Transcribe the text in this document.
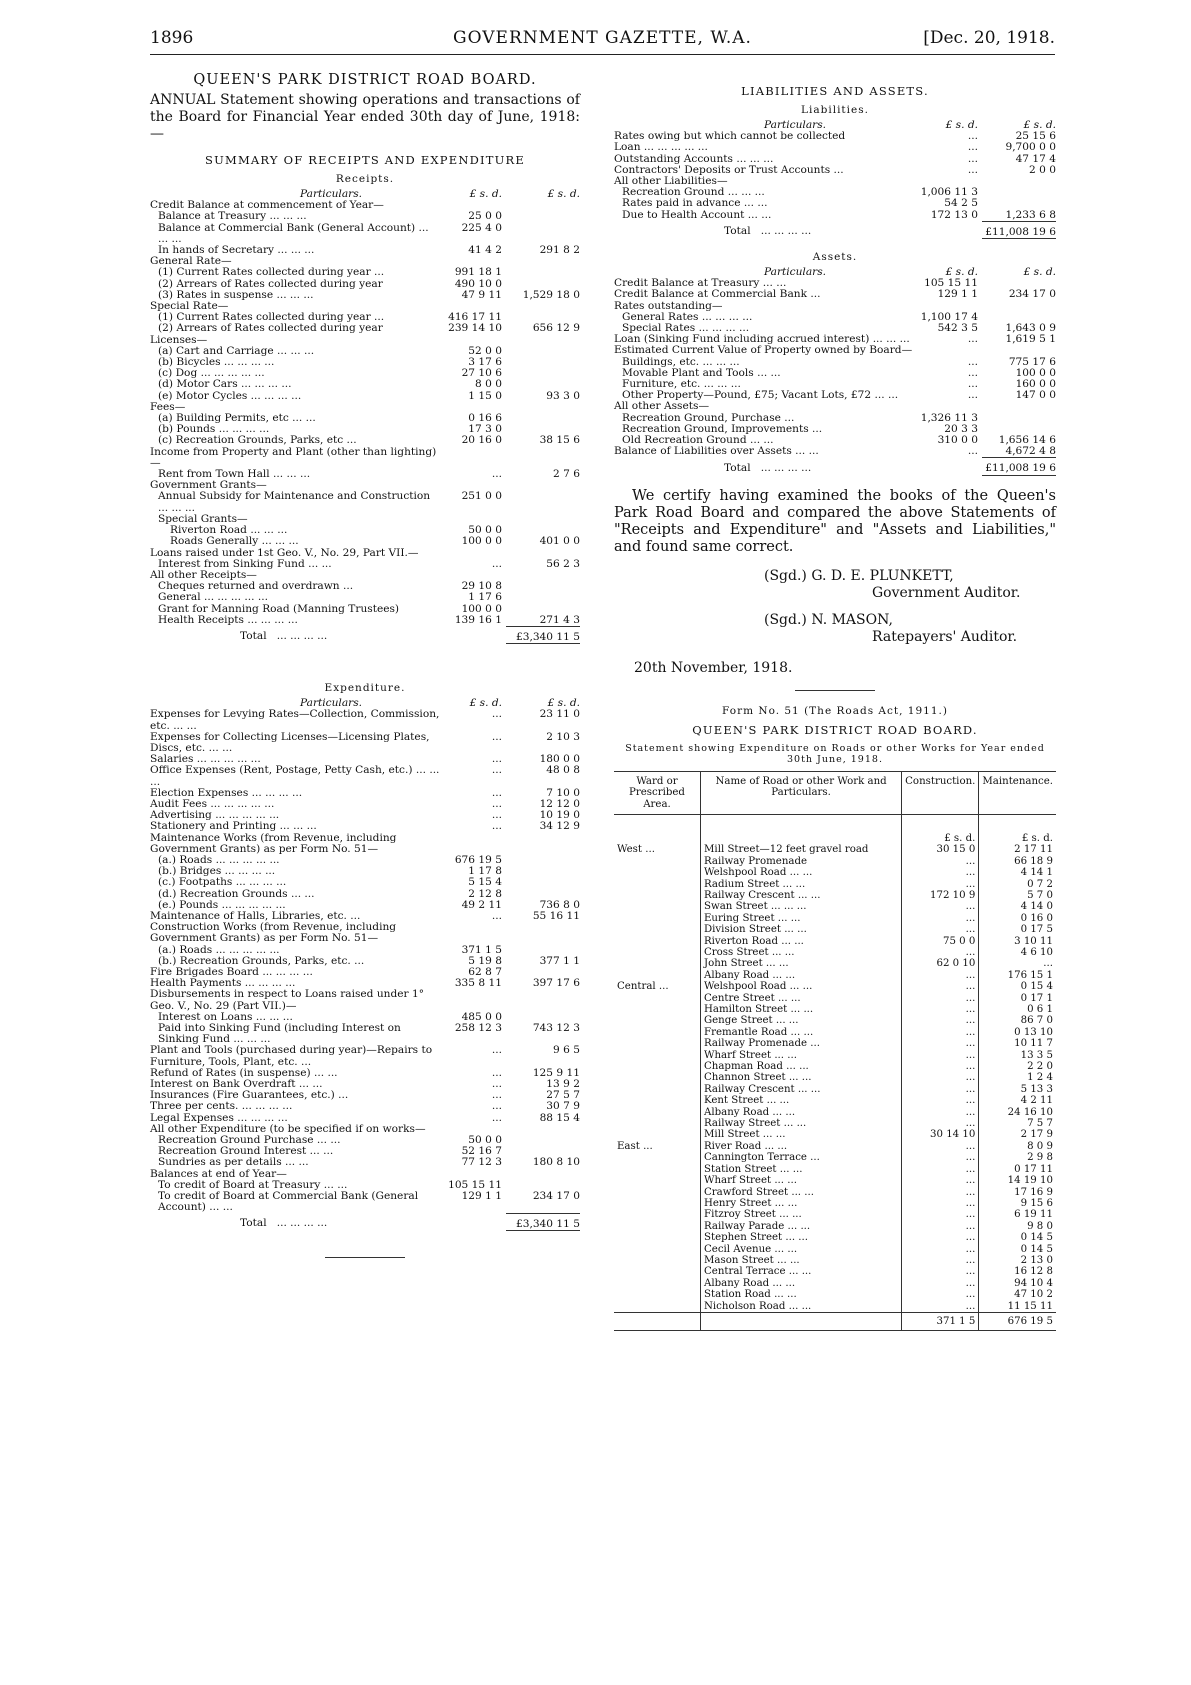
1896	GOVERNMENT GAZETTE, W.A.	[Dec. 20, 1918.
QUEEN'S PARK DISTRICT ROAD BOARD.

ANNUAL Statement showing operations and transactions of the Board for Financial Year ended 30th day of June, 1918:—

SUMMARY OF RECEIPTS AND EXPENDITURE
Receipts.
Particulars.	£ s. d.	£ s. d.
Credit Balance at commencement of Year—		
Balance at Treasury ... ... ...	25 0 0	
Balance at Commercial Bank (General Account) ... ... ...	225 4 0	
In hands of Secretary ... ... ...	41 4 2	291 8 2
General Rate—		
(1) Current Rates collected during year ...	991 18 1	
(2) Arrears of Rates collected during year	490 10 0	
(3) Rates in suspense ... ... ...	47 9 11	1,529 18 0
Special Rate—		
(1) Current Rates collected during year ...	416 17 11	
(2) Arrears of Rates collected during year	239 14 10	656 12 9
Licenses—		
(a) Cart and Carriage ... ... ...	52 0 0	
(b) Bicycles ... ... ... ...	3 17 6	
(c) Dog ... ... ... ... ...	27 10 6	
(d) Motor Cars ... ... ... ...	8 0 0	
(e) Motor Cycles ... ... ... ...	1 15 0	93 3 0
Fees—		
(a) Building Permits, etc ... ...	0 16 6	
(b) Pounds ... ... ... ...	17 3 0	
(c) Recreation Grounds, Parks, etc ...	20 16 0	38 15 6
Income from Property and Plant (other than lighting)—		
Rent from Town Hall ... ... ...	...	2 7 6
Government Grants—		
Annual Subsidy for Maintenance and Construction ... ... ...	251 0 0	
Special Grants—		
Riverton Road ... ... ...	50 0 0	
Roads Generally ... ... ...	100 0 0	401 0 0
Loans raised under 1st Geo. V., No. 29, Part VII.—		
Interest from Sinking Fund ... ...	...	56 2 3
All other Receipts—		
Cheques returned and overdrawn ...	29 10 8	
General ... ... ... ... ...	1 17 6	
Grant for Manning Road (Manning Trustees)	100 0 0	
Health Receipts ... ... ... ...	139 16 1	271 4 3
Total ... ... ... ...		£3,340 11 5
Expenditure.
Particulars.	£ s. d.	£ s. d.
Expenses for Levying Rates—Collection, Commission, etc. ... ...	...	23 11 0
Expenses for Collecting Licenses—Licensing Plates, Discs, etc. ... ...	...	2 10 3
Salaries ... ... ... ... ...	...	180 0 0
Office Expenses (Rent, Postage, Petty Cash, etc.) ... ... ...	...	48 0 8
Election Expenses ... ... ... ...	...	7 10 0
Audit Fees ... ... ... ... ...	...	12 12 0
Advertising ... ... ... ... ...	...	10 19 0
Stationery and Printing ... ... ...	...	34 12 9
Maintenance Works (from Revenue, including Government Grants) as per Form No. 51—		
(a.) Roads ... ... ... ... ...	676 19 5	
(b.) Bridges ... ... ... ...	1 17 8	
(c.) Footpaths ... ... ... ...	5 15 4	
(d.) Recreation Grounds ... ...	2 12 8	
(e.) Pounds ... ... ... ... ...	49 2 11	736 8 0
Maintenance of Halls, Libraries, etc. ...	...	55 16 11
Construction Works (from Revenue, including Government Grants) as per Form No. 51—		
(a.) Roads ... ... ... ... ...	371 1 5	
(b.) Recreation Grounds, Parks, etc. ...	5 19 8	377 1 1
Fire Brigades Board ... ... ... ...	62 8 7	
Health Payments ... ... ... ...	335 8 11	397 17 6
Disbursements in respect to Loans raised under 1° Geo. V., No. 29 (Part VII.)—		
Interest on Loans ... ... ...	485 0 0	
Paid into Sinking Fund (including Interest on Sinking Fund ... ... ...	258 12 3	743 12 3
Plant and Tools (purchased during year)—Repairs to Furniture, Tools, Plant, etc. ...	...	9 6 5
Refund of Rates (in suspense) ... ...	...	125 9 11
Interest on Bank Overdraft ... ...	...	13 9 2
Insurances (Fire Guarantees, etc.) ...	...	27 5 7
Three per cents. ... ... ... ...	...	30 7 9
Legal Expenses ... ... ... ...	...	88 15 4
All other Expenditure (to be specified if on works—		
Recreation Ground Purchase ... ...	50 0 0	
Recreation Ground Interest ... ...	52 16 7	
Sundries as per details ... ...	77 12 3	180 8 10
Balances at end of Year—		
To credit of Board at Treasury ... ...	105 15 11	
To credit of Board at Commercial Bank (General Account) ... ...	129 1 1	234 17 0
Total ... ... ... ...		£3,340 11 5
LIABILITIES AND ASSETS.
Liabilities.
Particulars.	£ s. d.	£ s. d.
Rates owing but which cannot be collected	...	25 15 6
Loan ... ... ... ... ...	...	9,700 0 0
Outstanding Accounts ... ... ...	...	47 17 4
Contractors' Deposits or Trust Accounts ...	...	2 0 0
All other Liabilities—		
Recreation Ground ... ... ...	1,006 11 3	
Rates paid in advance ... ...	54 2 5	
Due to Health Account ... ...	172 13 0	1,233 6 8
Total ... ... ... ...		£11,008 19 6
Assets.
Particulars.	£ s. d.	£ s. d.
Credit Balance at Treasury ... ...	105 15 11	
Credit Balance at Commercial Bank ...	129 1 1	234 17 0
Rates outstanding—		
General Rates ... ... ... ...	1,100 17 4	
Special Rates ... ... ... ...	542 3 5	1,643 0 9
Loan (Sinking Fund including accrued interest) ... ... ...	...	1,619 5 1
Estimated Current Value of Property owned by Board—		
Buildings, etc. ... ... ...	...	775 17 6
Movable Plant and Tools ... ...	...	100 0 0
Furniture, etc. ... ... ...	...	160 0 0
Other Property—Pound, £75; Vacant Lots, £72 ... ...	...	147 0 0
All other Assets—		
Recreation Ground, Purchase ...	1,326 11 3	
Recreation Ground, Improvements ...	20 3 3	
Old Recreation Ground ... ...	310 0 0	1,656 14 6
Balance of Liabilities over Assets ... ...	...	4,672 4 8
Total ... ... ... ...		£11,008 19 6

We certify having examined the books of the Queen's Park Road Board and compared the above Statements of "Receipts and Expenditure" and "Assets and Liabilities," and found same correct.

(Sgd.) G. D. E. PLUNKETT,
Government Auditor.
(Sgd.) N. MASON,
Ratepayers' Auditor.
20th November, 1918.
Form No. 51 (The Roads Act, 1911.)
QUEEN'S PARK DISTRICT ROAD BOARD.
Statement showing Expenditure on Roads or other Works for Year ended 30th June, 1918.
Ward or Prescribed Area.	Name of Road or other Work and Particulars.	Construction.	Maintenance.
		£ s. d.	£ s. d.
West ...	Mill Street—12 feet gravel road	30 15 0	2 17 11
	Railway Promenade	...	66 18 9
	Welshpool Road ... ...	...	4 14 1
	Radium Street ... ...	...	0 7 2
	Railway Crescent ... ...	172 10 9	5 7 0
	Swan Street ... ... ...	...	4 14 0
	Euring Street ... ...	...	0 16 0
	Division Street ... ...	...	0 17 5
	Riverton Road ... ...	75 0 0	3 10 11
	Cross Street ... ...	...	4 6 10
	John Street ... ...	62 0 10	...
	Albany Road ... ...	...	176 15 1
Central ...	Welshpool Road ... ...	...	0 15 4
	Centre Street ... ...	...	0 17 1
	Hamilton Street ... ...	...	0 6 1
	Genge Street ... ...	...	86 7 0
	Fremantle Road ... ...	...	0 13 10
	Railway Promenade ...	...	10 11 7
	Wharf Street ... ...	...	13 3 5
	Chapman Road ... ...	...	2 2 0
	Channon Street ... ...	...	1 2 4
	Railway Crescent ... ...	...	5 13 3
	Kent Street ... ...	...	4 2 11
	Albany Road ... ...	...	24 16 10
	Railway Street ... ...	...	7 5 7
	Mill Street ... ...	30 14 10	2 17 9
East ...	River Road ... ...	...	8 0 9
	Cannington Terrace ...	...	2 9 8
	Station Street ... ...	...	0 17 11
	Wharf Street ... ...	...	14 19 10
	Crawford Street ... ...	...	17 16 9
	Henry Street ... ...	...	9 15 6
	Fitzroy Street ... ...	...	6 19 11
	Railway Parade ... ...	...	9 8 0
	Stephen Street ... ...	...	0 14 5
	Cecil Avenue ... ...	...	0 14 5
	Mason Street ... ...	...	2 13 0
	Central Terrace ... ...	...	16 12 8
	Albany Road ... ...	...	94 10 4
	Station Road ... ...	...	47 10 2
	Nicholson Road ... ...	...	11 15 11
		371 1 5	676 19 5
